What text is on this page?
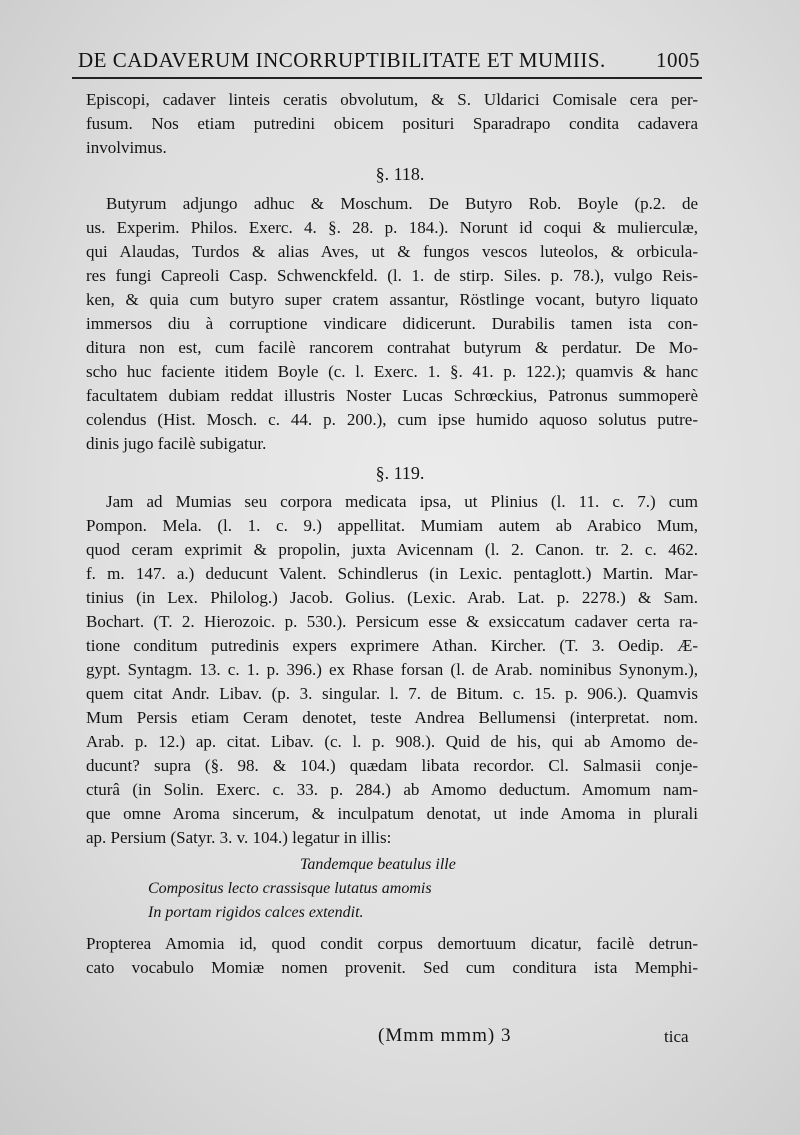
DE CADAVERUM INCORRUPTIBILITATE ET MUMIIS. 1005
Episcopi, cadaver linteis ceratis obvolutum, & S. Uldarici Comisale cera per-
fusum. Nos etiam putredini obicem posituri Sparadrapo condita cadavera
involvimus.
§. 118.
Butyrum adjungo adhuc & Moschum. De Butyro Rob. Boyle (p.2. de
us. Experim. Philos. Exerc. 4. §. 28. p. 184.). Norunt id coqui & mulierculæ,
qui Alaudas, Turdos & alias Aves, ut & fungos vescos luteolos, & orbicula-
res fungi Capreoli Casp. Schwenckfeld. (l. 1. de stirp. Siles. p. 78.), vulgo Reis-
ken, & quia cum butyro super cratem assantur, Röstlinge vocant, butyro liquato
immersos diu à corruptione vindicare didicerunt. Durabilis tamen ista con-
ditura non est, cum facilè rancorem contrahat butyrum & perdatur. De Mo-
scho huc faciente itidem Boyle (c. l. Exerc. 1. §. 41. p. 122.); quamvis & hanc
facultatem dubiam reddat illustris Noster Lucas Schrœckius, Patronus summoperè
colendus (Hist. Mosch. c. 44. p. 200.), cum ipse humido aquoso solutus putre-
dinis jugo facilè subigatur.
§. 119.
Jam ad Mumias seu corpora medicata ipsa, ut Plinius (l. 11. c. 7.) cum
Pompon. Mela. (l. 1. c. 9.) appellitat. Mumiam autem ab Arabico Mum,
quod ceram exprimit & propolin, juxta Avicennam (l. 2. Canon. tr. 2. c. 462.
f. m. 147. a.) deducunt Valent. Schindlerus (in Lexic. pentaglott.) Martin. Mar-
tinius (in Lex. Philolog.) Jacob. Golius. (Lexic. Arab. Lat. p. 2278.) & Sam.
Bochart. (T. 2. Hierozoic. p. 530.). Persicum esse & exsiccatum cadaver certa ra-
tione conditum putredinis expers exprimere Athan. Kircher. (T. 3. Oedip. Æ-
gypt. Syntagm. 13. c. 1. p. 396.) ex Rhase forsan (l. de Arab. nominibus Synonym.),
quem citat Andr. Libav. (p. 3. singular. l. 7. de Bitum. c. 15. p. 906.). Quamvis
Mum Persis etiam Ceram denotet, teste Andrea Bellumensi (interpretat. nom.
Arab. p. 12.) ap. citat. Libav. (c. l. p. 908.). Quid de his, qui ab Amomo de-
ducunt? supra (§. 98. & 104.) quædam libata recordor. Cl. Salmasii conje-
cturâ (in Solin. Exerc. c. 33. p. 284.) ab Amomo deductum. Amomum nam-
que omne Aroma sincerum, & inculpatum denotat, ut inde Amoma in plurali
ap. Persium (Satyr. 3. v. 104.) legatur in illis:
Tandemque beatulus ille
Compositus lecto crassisque lutatus amomis
In portam rigidos calces extendit.
Propterea Amomia id, quod condit corpus demortuum dicatur, facilè detrun-
cato vocabulo Momiæ nomen provenit. Sed cum conditura ista Memphi-
(Mmm mmm) 3	tica
